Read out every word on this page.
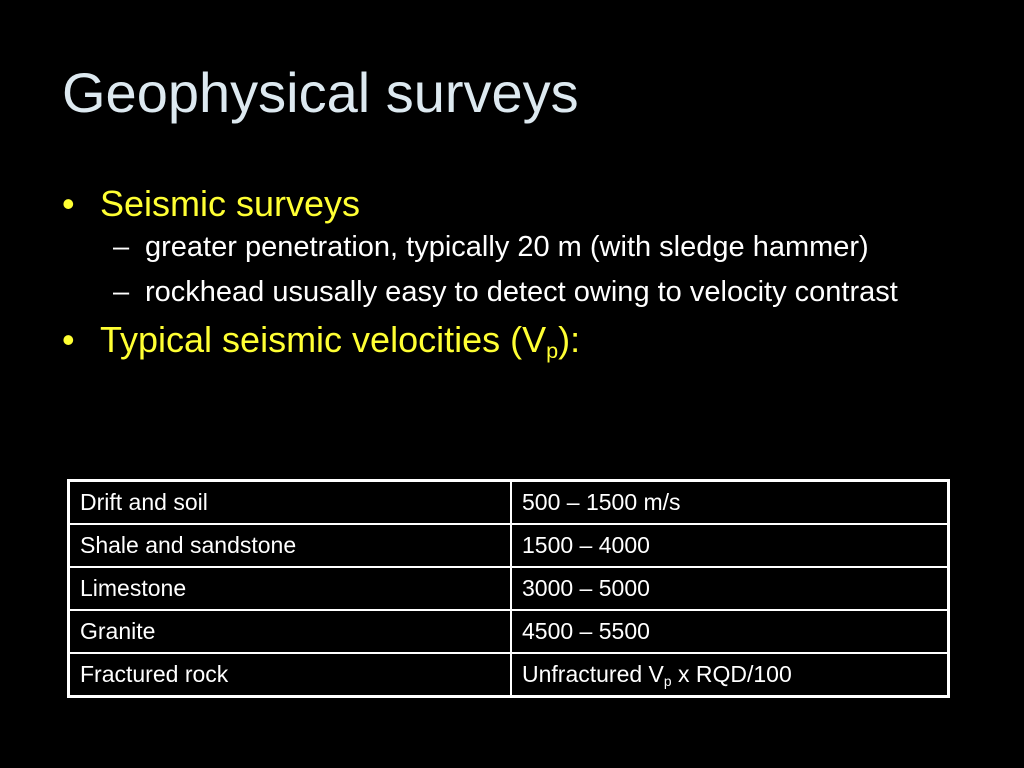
Geophysical surveys
• Seismic surveys
– greater penetration, typically 20 m (with sledge hammer)
– rockhead ususally easy to detect owing to velocity contrast
• Typical seismic velocities $(V_p)$:
Drift and soil	500 – 1500 m/s
Shale and sandstone	1500 – 4000
Limestone	3000 – 5000
Granite	4500 – 5500
Fractured rock	Unfractured $V_p$ x RQD/100
